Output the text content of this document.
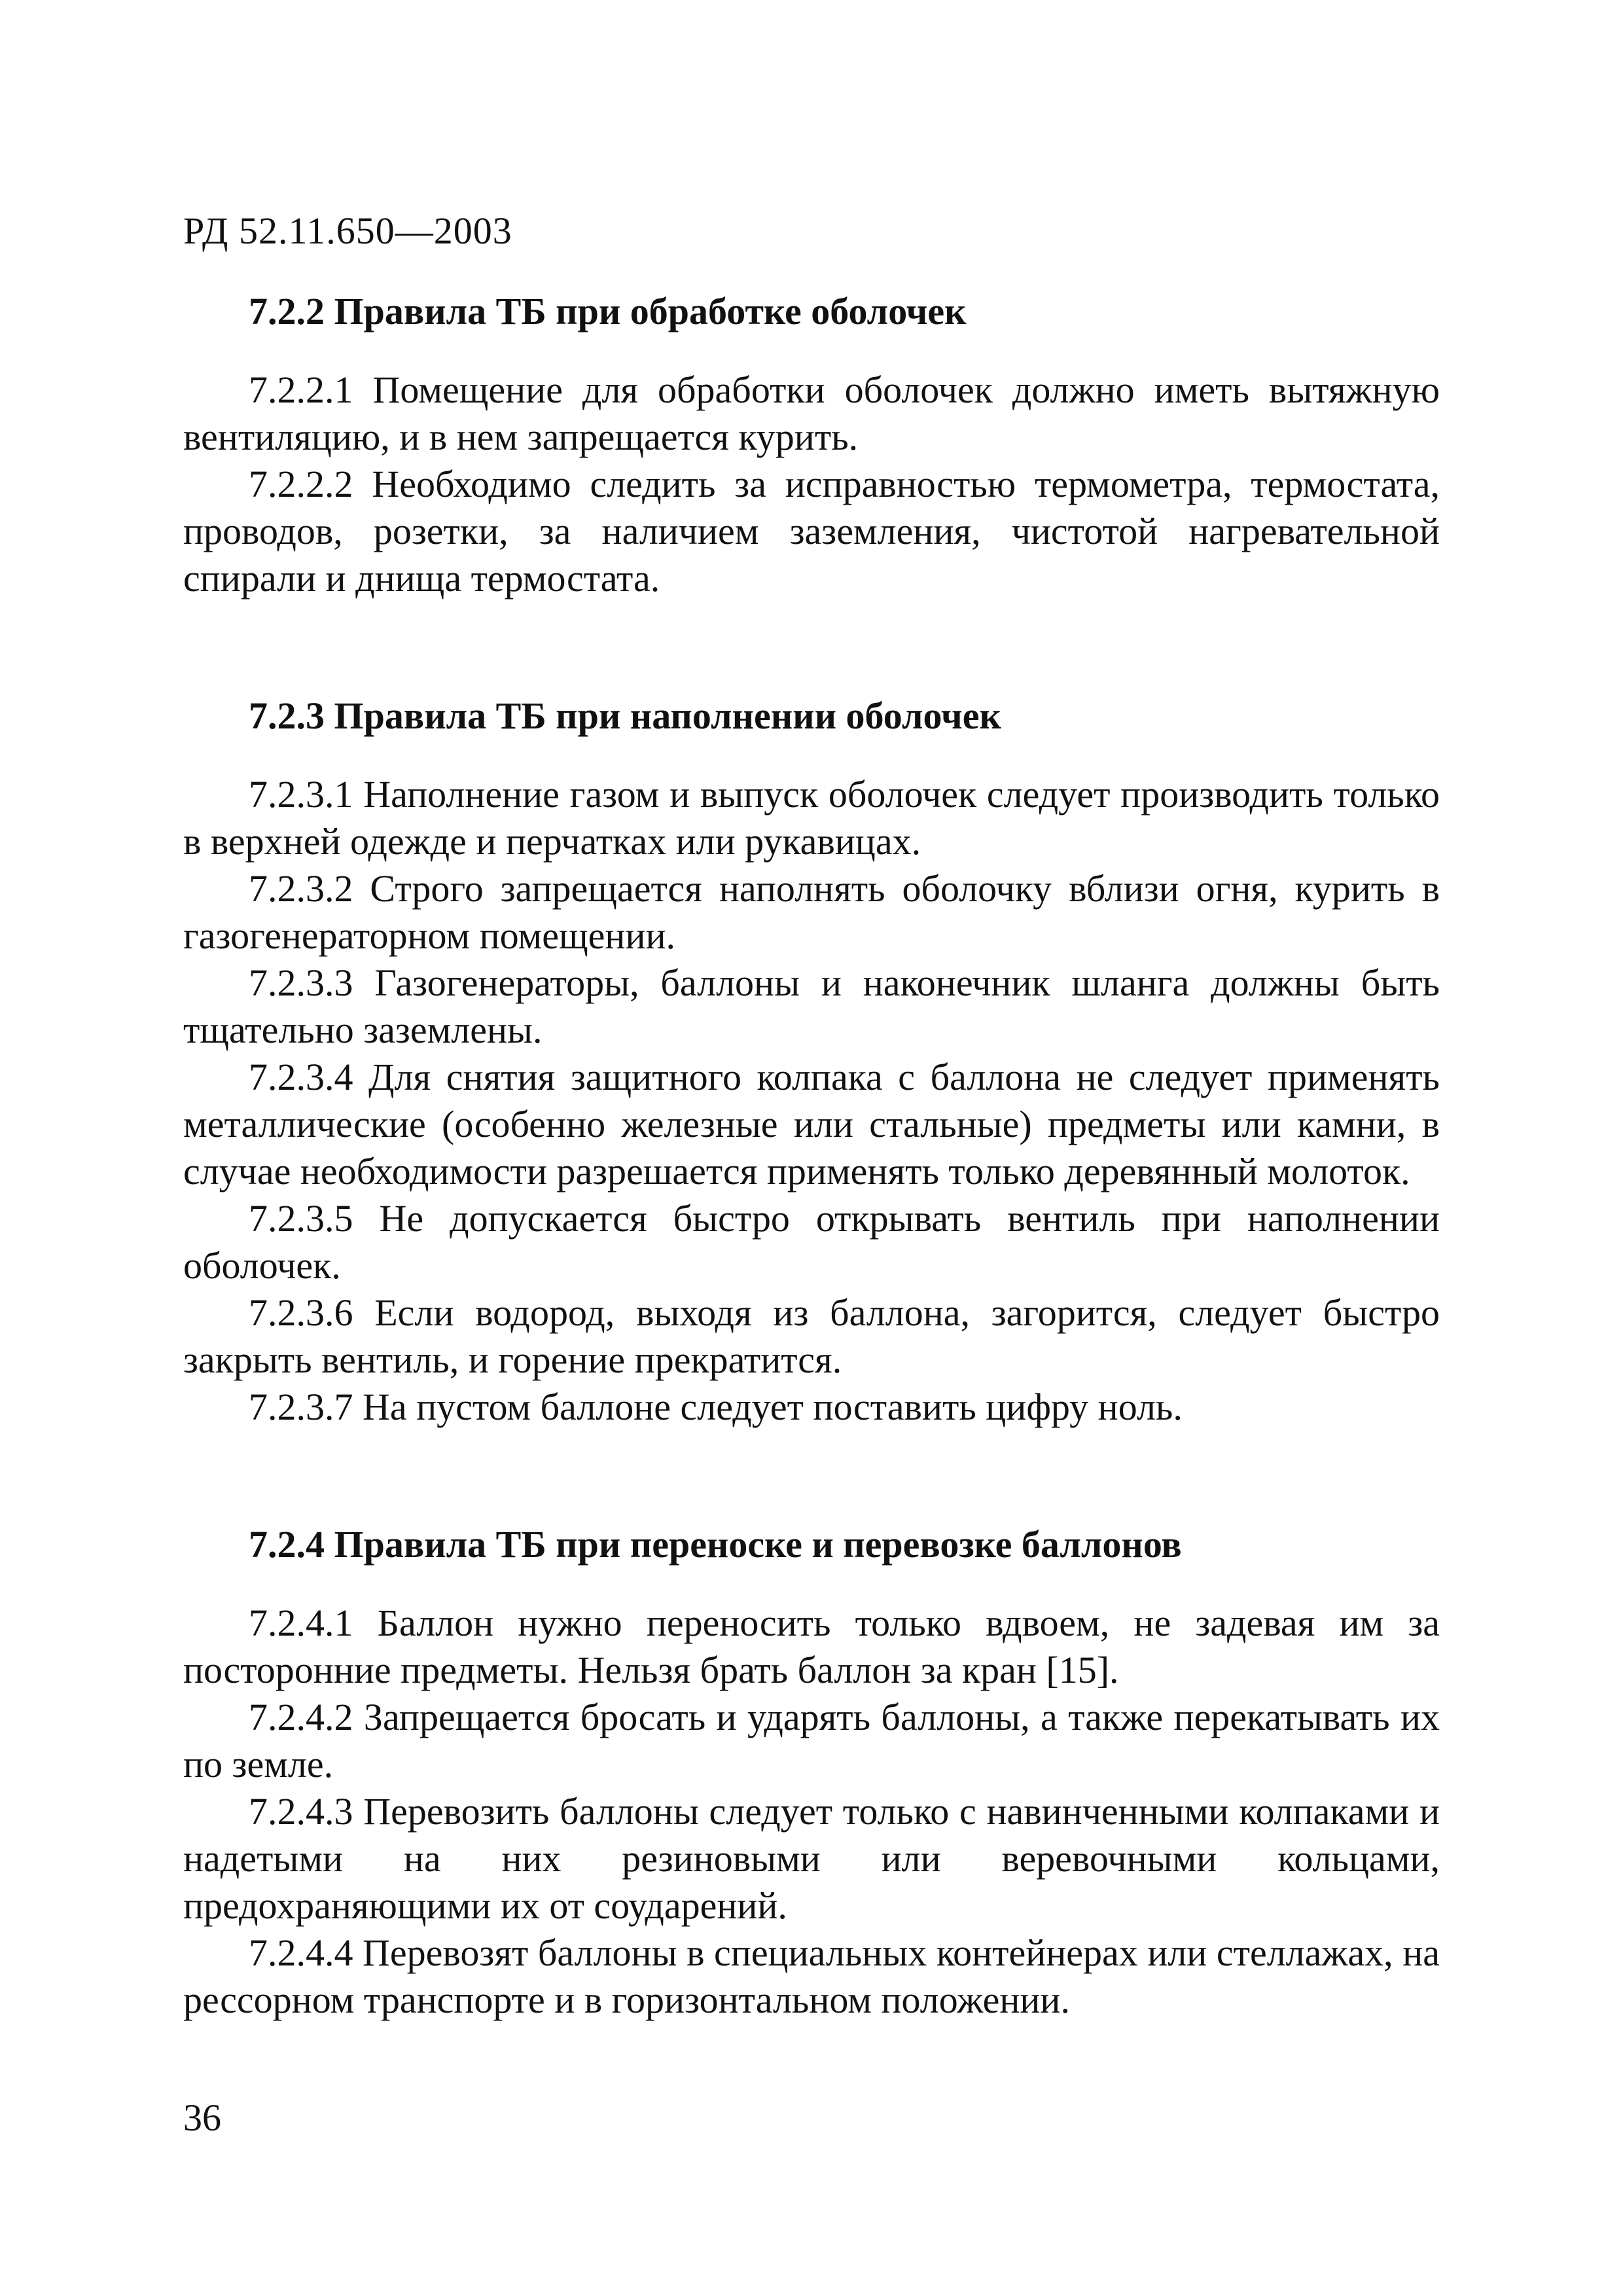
РД 52.11.650—2003
7.2.2 Правила ТБ при обработке оболочек

7.2.2.1 Помещение для обработки оболочек должно иметь вытяжную вентиляцию, и в нем запрещается курить.

7.2.2.2 Необходимо следить за исправностью термометра, термостата, проводов, розетки, за наличием заземления, чистотой нагревательной спирали и днища термостата.

7.2.3 Правила ТБ при наполнении оболочек

7.2.3.1 Наполнение газом и выпуск оболочек следует производить только в верхней одежде и перчатках или рукавицах.

7.2.3.2 Строго запрещается наполнять оболочку вблизи огня, курить в газогенераторном помещении.

7.2.3.3 Газогенераторы, баллоны и наконечник шланга должны быть тщательно заземлены.

7.2.3.4 Для снятия защитного колпака с баллона не следует применять металлические (особенно железные или стальные) предметы или камни, в случае необходимости разрешается применять только деревянный молоток.

7.2.3.5 Не допускается быстро открывать вентиль при наполнении оболочек.

7.2.3.6 Если водород, выходя из баллона, загорится, следует быстро закрыть вентиль, и горение прекратится.

7.2.3.7 На пустом баллоне следует поставить цифру ноль.

7.2.4 Правила ТБ при переноске и перевозке баллонов

7.2.4.1 Баллон нужно переносить только вдвоем, не задевая им за посторонние предметы. Нельзя брать баллон за кран [15].

7.2.4.2 Запрещается бросать и ударять баллоны, а также перекатывать их по земле.

7.2.4.3 Перевозить баллоны следует только с навинченными колпаками и надетыми на них резиновыми или веревочными кольцами, предохраняющими их от соударений.

7.2.4.4 Перевозят баллоны в специальных контейнерах или стеллажах, на рессорном транспорте и в горизонтальном положении.

36
